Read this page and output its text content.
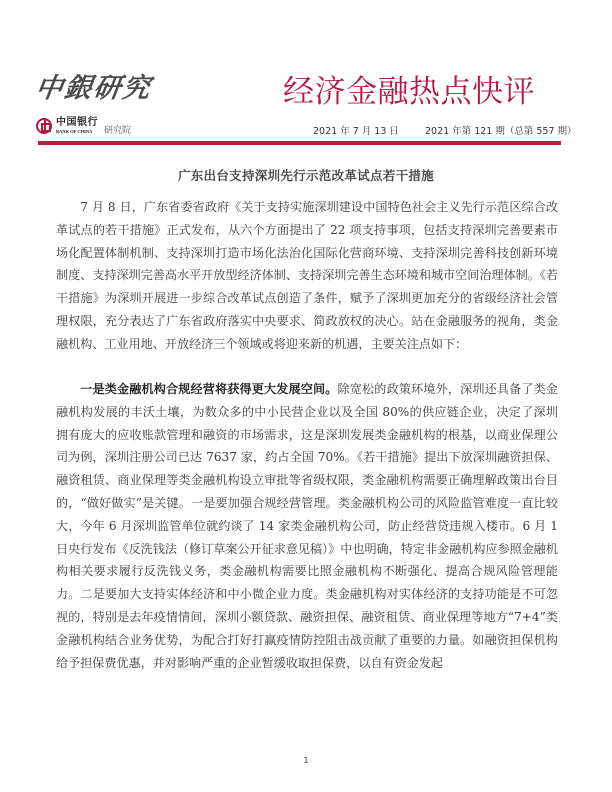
中銀研究	经济金融热点快评
中国银行
BANK OF CHINA	研究院	2021 年 7 月 13 日	2021 年第 121 期（总第 557 期）
广东出台支持深圳先行示范改革试点若干措施

7 月 8 日，广东省委省政府《关于支持实施深圳建设中国特色社会主义先行示范区综合改革试点的若干措施》正式发布，从六个方面提出了 22 项支持事项，包括支持深圳完善要素市场化配置体制机制、支持深圳打造市场化法治化国际化营商环境、支持深圳完善科技创新环境制度、支持深圳完善高水平开放型经济体制、支持深圳完善生态环境和城市空间治理体制。《若干措施》为深圳开展进一步综合改革试点创造了条件，赋予了深圳更加充分的省级经济社会管理权限，充分表达了广东省政府落实中央要求、简政放权的决心。站在金融服务的视角，类金融机构、工业用地、开放经济三个领域或将迎来新的机遇，主要关注点如下：

一是类金融机构合规经营将获得更大发展空间。除宽松的政策环境外，深圳还具备了类金融机构发展的丰沃土壤，为数众多的中小民营企业以及全国 80%的供应链企业，决定了深圳拥有庞大的应收账款管理和融资的市场需求，这是深圳发展类金融机构的根基，以商业保理公司为例，深圳注册公司已达 7637 家，约占全国 70%。《若干措施》提出下放深圳融资担保、融资租赁、商业保理等类金融机构设立审批等省级权限，类金融机构需要正确理解政策出台目的，“做好做实”是关键。一是要加强合规经营管理。类金融机构公司的风险监管难度一直比较大，今年 6 月深圳监管单位就约谈了 14 家类金融机构公司，防止经营贷违规入楼市。6 月 1 日央行发布《反洗钱法（修订草案公开征求意见稿）》中也明确，特定非金融机构应参照金融机构相关要求履行反洗钱义务，类金融机构需要比照金融机构不断强化、提高合规风险管理能力。二是要加大支持实体经济和中小微企业力度。类金融机构对实体经济的支持功能是不可忽视的，特别是去年疫情情间，深圳小额贷款、融资担保、融资租赁、商业保理等地方“7+4”类金融机构结合业务优势，为配合打好打赢疫情防控阻击战贡献了重要的力量。如融资担保机构给予担保费优惠，并对影响严重的企业暂缓收取担保费，以自有资金发起

1
